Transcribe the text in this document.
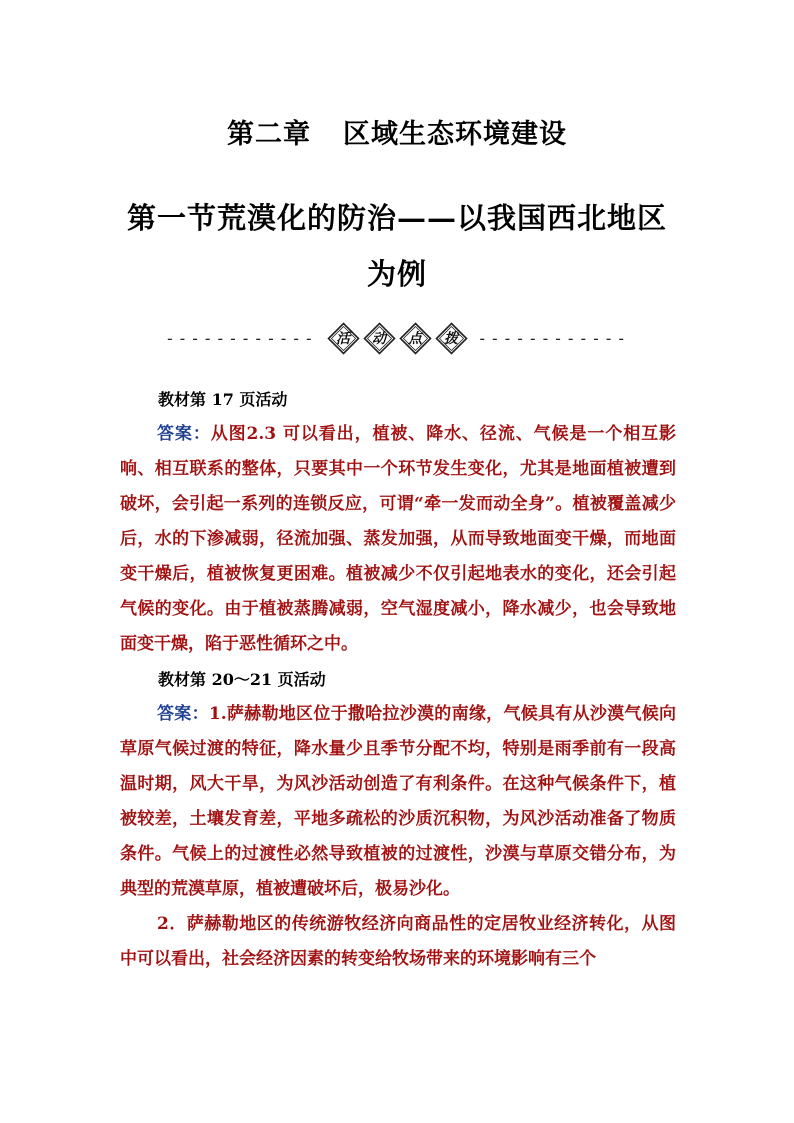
第二章 区域生态环境建设
第一节荒漠化的防治——以我国西北地区为例
------------ 活 动 点 拨 ------------
教材第 17 页活动

答案：从图2.3 可以看出，植被、降水、径流、气候是一个相互影响、相互联系的整体，只要其中一个环节发生变化，尤其是地面植被遭到破坏，会引起一系列的连锁反应，可谓“牵一发而动全身”。植被覆盖减少后，水的下渗减弱，径流加强、蒸发加强，从而导致地面变干燥，而地面变干燥后，植被恢复更困难。植被减少不仅引起地表水的变化，还会引起气候的变化。由于植被蒸腾减弱，空气湿度减小，降水减少，也会导致地面变干燥，陷于恶性循环之中。

教材第 20～21 页活动

答案：1.萨赫勒地区位于撒哈拉沙漠的南缘，气候具有从沙漠气候向草原气候过渡的特征，降水量少且季节分配不均，特别是雨季前有一段高温时期，风大干旱，为风沙活动创造了有利条件。在这种气候条件下，植被较差，土壤发育差，平地多疏松的沙质沉积物，为风沙活动准备了物质条件。气候上的过渡性必然导致植被的过渡性，沙漠与草原交错分布，为典型的荒漠草原，植被遭破坏后，极易沙化。

2．萨赫勒地区的传统游牧经济向商品性的定居牧业经济转化，从图中可以看出，社会经济因素的转变给牧场带来的环境影响有三个
